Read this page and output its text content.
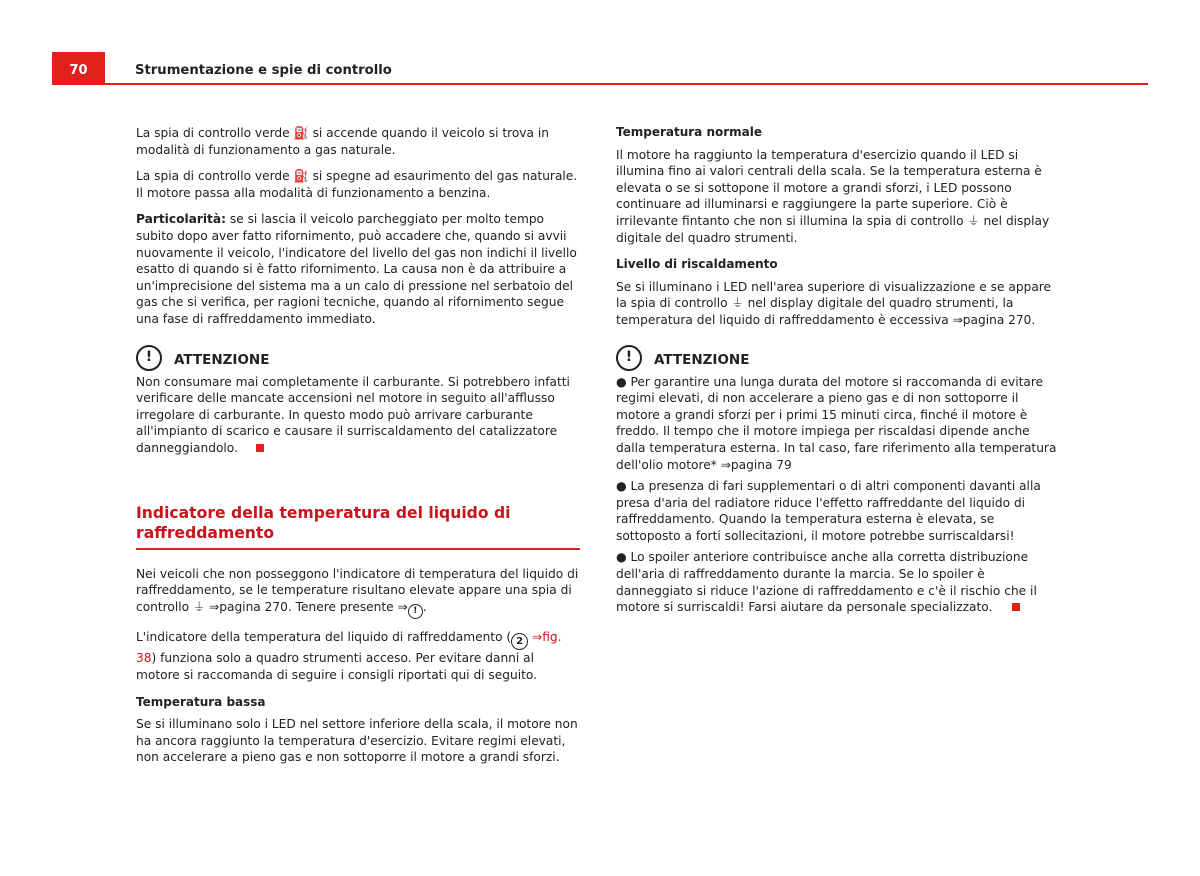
70	Strumentazione e spie di controllo

La spia di controllo verde ⛽ si accende quando il veicolo si trova in modalità di funzionamento a gas naturale.

La spia di controllo verde ⛽ si spegne ad esaurimento del gas naturale. Il motore passa alla modalità di funzionamento a benzina.

Particolarità: se si lascia il veicolo parcheggiato per molto tempo subito dopo aver fatto rifornimento, può accadere che, quando si avvii nuovamente il veicolo, l'indicatore del livello del gas non indichi il livello esatto di quando si è fatto rifornimento. La causa non è da attribuire a un'imprecisione del sistema ma a un calo di pressione nel serbatoio del gas che si verifica, per ragioni tecniche, quando al rifornimento segue una fase di raffreddamento immediato.

!	ATTENZIONE

Non consumare mai completamente il carburante. Si potrebbero infatti verificare delle mancate accensioni nel motore in seguito all'afflusso irregolare di carburante. In questo modo può arrivare carburante all'impianto di scarico e causare il surriscaldamento del catalizzatore danneggiandolo.

Indicatore della temperatura del liquido di raffreddamento

Nei veicoli che non posseggono l'indicatore di temperatura del liquido di raffreddamento, se le temperature risultano elevate appare una spia di controllo ⏚ ⇒pagina 270. Tenere presente ⇒ ! .

L'indicatore della temperatura del liquido di raffreddamento ( 2 ⇒fig. 38) funziona solo a quadro strumenti acceso. Per evitare danni al motore si raccomanda di seguire i consigli riportati qui di seguito.

Temperatura bassa

Se si illuminano solo i LED nel settore inferiore della scala, il motore non ha ancora raggiunto la temperatura d'esercizio. Evitare regimi elevati, non accelerare a pieno gas e non sottoporre il motore a grandi sforzi.

Temperatura normale

Il motore ha raggiunto la temperatura d'esercizio quando il LED si illumina fino ai valori centrali della scala. Se la temperatura esterna è elevata o se si sottopone il motore a grandi sforzi, i LED possono continuare ad illuminarsi e raggiungere la parte superiore. Ciò è irrilevante fintanto che non si illumina la spia di controllo ⏚ nel display digitale del quadro strumenti.

Livello di riscaldamento

Se si illuminano i LED nell'area superiore di visualizzazione e se appare la spia di controllo ⏚ nel display digitale del quadro strumenti, la temperatura del liquido di raffreddamento è eccessiva ⇒pagina 270.

!	ATTENZIONE

● Per garantire una lunga durata del motore si raccomanda di evitare regimi elevati, di non accelerare a pieno gas e di non sottoporre il motore a grandi sforzi per i primi 15 minuti circa, finché il motore è freddo. Il tempo che il motore impiega per riscaldasi dipende anche dalla temperatura esterna. In tal caso, fare riferimento alla temperatura dell'olio motore* ⇒pagina 79

● La presenza di fari supplementari o di altri componenti davanti alla presa d'aria del radiatore riduce l'effetto raffreddante del liquido di raffreddamento. Quando la temperatura esterna è elevata, se sottoposto a forti sollecitazioni, il motore potrebbe surriscaldarsi!

● Lo spoiler anteriore contribuisce anche alla corretta distribuzione dell'aria di raffreddamento durante la marcia. Se lo spoiler è danneggiato si riduce l'azione di raffreddamento e c'è il rischio che il motore si surriscaldi! Farsi aiutare da personale specializzato.
